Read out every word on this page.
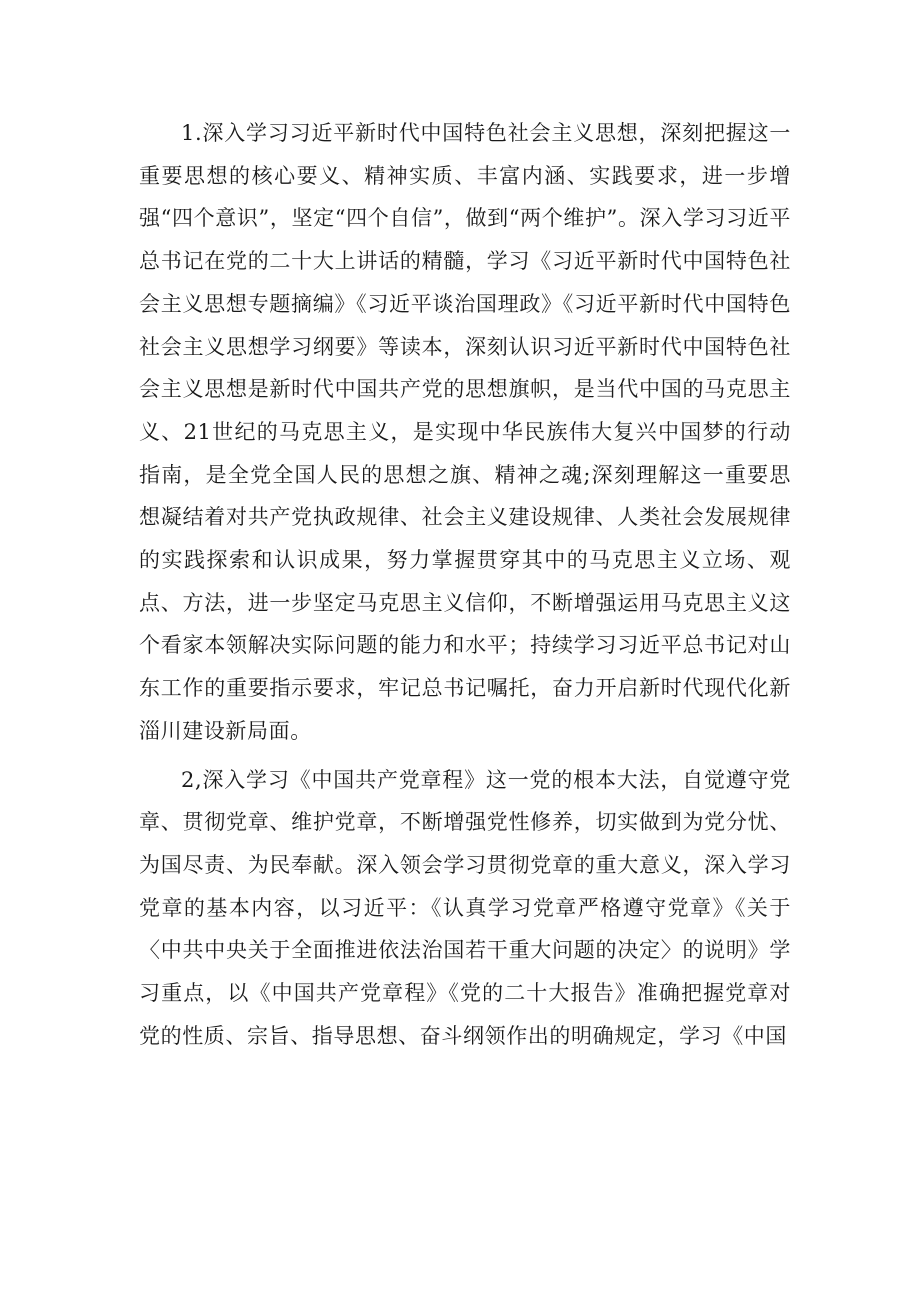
1.深入学习习近平新时代中国特色社会主义思想，深刻把握这一重要思想的核心要义、精神实质、丰富内涵、实践要求，进一步增强“四个意识”，坚定“四个自信”，做到“两个维护”。深入学习习近平总书记在党的二十大上讲话的精髓，学习《习近平新时代中国特色社会主义思想专题摘编》《习近平谈治国理政》《习近平新时代中国特色社会主义思想学习纲要》等读本，深刻认识习近平新时代中国特色社会主义思想是新时代中国共产党的思想旗帜，是当代中国的马克思主义、21世纪的马克思主义，是实现中华民族伟大复兴中国梦的行动指南，是全党全国人民的思想之旗、精神之魂;深刻理解这一重要思想凝结着对共产党执政规律、社会主义建设规律、人类社会发展规律的实践探索和认识成果，努力掌握贯穿其中的马克思主义立场、观点、方法，进一步坚定马克思主义信仰，不断增强运用马克思主义这个看家本领解决实际问题的能力和水平；持续学习习近平总书记对山东工作的重要指示要求，牢记总书记嘱托，奋力开启新时代现代化新淄川建设新局面。

2,深入学习《中国共产党章程》这一党的根本大法，自觉遵守党章、贯彻党章、维护党章，不断增强党性修养，切实做到为党分忧、为国尽责、为民奉献。深入领会学习贯彻党章的重大意义，深入学习党章的基本内容，以习近平：《认真学习党章严格遵守党章》《关于〈中共中央关于全面推进依法治国若干重大问题的决定〉的说明》学习重点，以《中国共产党章程》《党的二十大报告》准确把握党章对党的性质、宗旨、指导思想、奋斗纲领作出的明确规定，学习《中国
